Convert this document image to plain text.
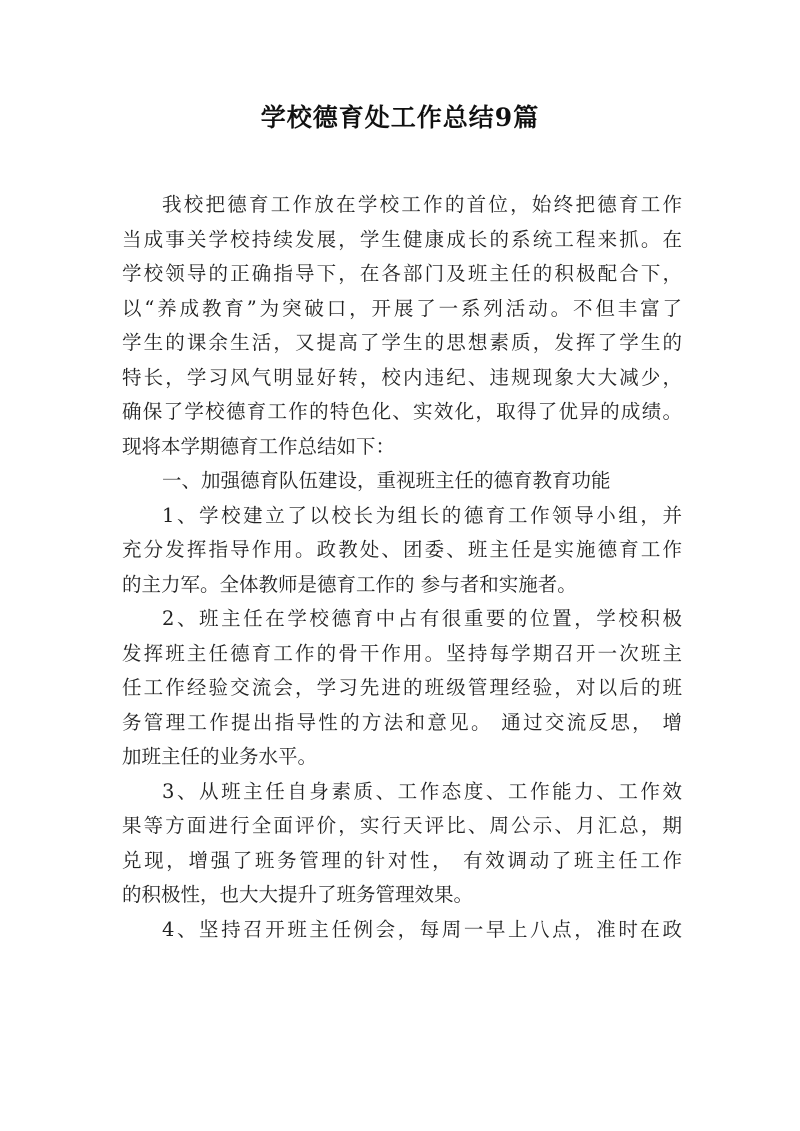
学校德育处工作总结9篇
我校把德育工作放在学校工作的首位，始终把德育工作
当成事关学校持续发展，学生健康成长的系统工程来抓。在
学校领导的正确指导下，在各部门及班主任的积极配合下，
以“养成教育”为突破口，开展了一系列活动。不但丰富了
学生的课余生活，又提高了学生的思想素质，发挥了学生的
特长，学习风气明显好转，校内违纪、违规现象大大减少，
确保了学校德育工作的特色化、实效化，取得了优异的成绩。
现将本学期德育工作总结如下：
一、加强德育队伍建设，重视班主任的德育教育功能
1、学校建立了以校长为组长的德育工作领导小组，并
充分发挥指导作用。政教处、团委、班主任是实施德育工作
的主力军。全体教师是德育工作的 参与者和实施者。
2、班主任在学校德育中占有很重要的位置，学校积极
发挥班主任德育工作的骨干作用。坚持每学期召开一次班主
任工作经验交流会，学习先进的班级管理经验，对以后的班
务管理工作提出指导性的方法和意见。 通过交流反思， 增
加班主任的业务水平。
3、从班主任自身素质、工作态度、工作能力、工作效
果等方面进行全面评价，实行天评比、周公示、月汇总，期
兑现，增强了班务管理的针对性， 有效调动了班主任工作
的积极性，也大大提升了班务管理效果。
4、坚持召开班主任例会，每周一早上八点，准时在政
